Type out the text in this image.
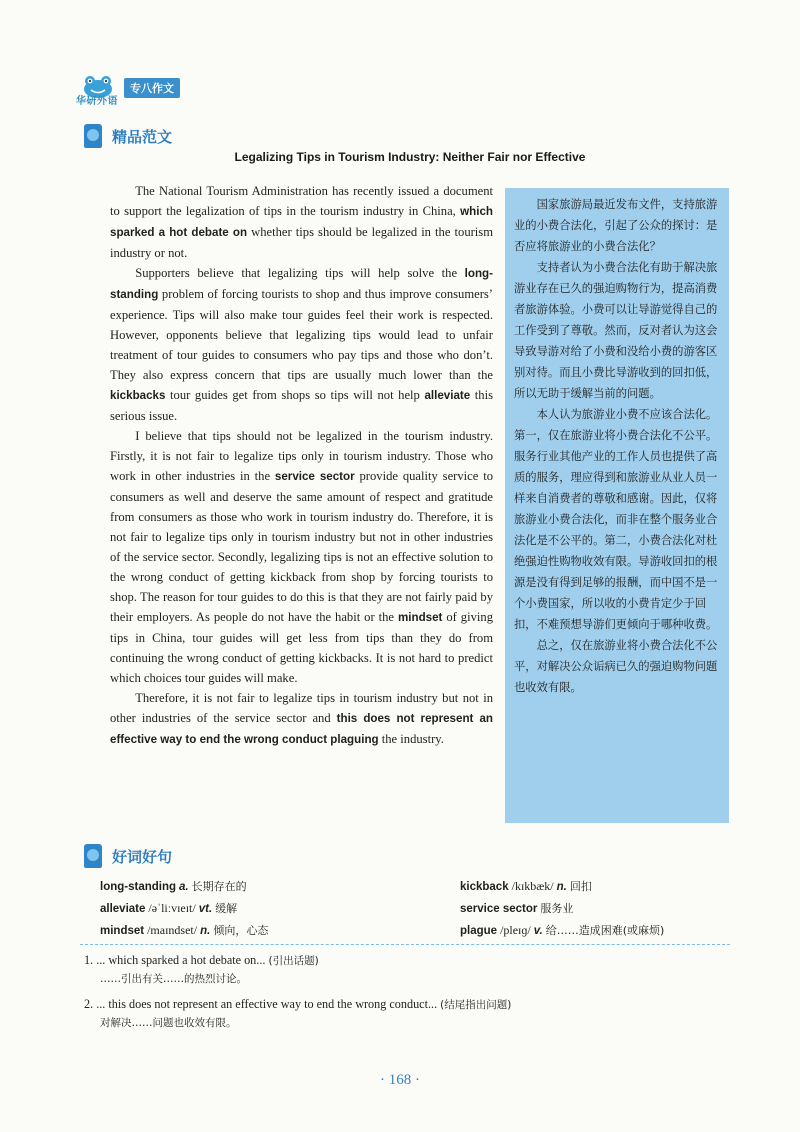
华研外语
专八作文
精品范文
Legalizing Tips in Tourism Industry: Neither Fair nor Effective

The National Tourism Administration has recently issued a document to support the legalization of tips in the tourism industry in China, which sparked a hot debate on whether tips should be legalized in the tourism industry or not.

Supporters believe that legalizing tips will help solve the long-standing problem of forcing tourists to shop and thus improve consumers’ experience. Tips will also make tour guides feel their work is respected. However, opponents believe that legalizing tips would lead to unfair treatment of tour guides to consumers who pay tips and those who don’t. They also express concern that tips are usually much lower than the kickbacks tour guides get from shops so tips will not help alleviate this serious issue.

I believe that tips should not be legalized in the tourism industry. Firstly, it is not fair to legalize tips only in tourism industry. Those who work in other industries in the service sector provide quality service to consumers as well and deserve the same amount of respect and gratitude from consumers as those who work in tourism industry do. Therefore, it is not fair to legalize tips only in tourism industry but not in other industries of the service sector. Secondly, legalizing tips is not an effective solution to the wrong conduct of getting kickback from shop by forcing tourists to shop. The reason for tour guides to do this is that they are not fairly paid by their employers. As people do not have the habit or the mindset of giving tips in China, tour guides will get less from tips than they do from continuing the wrong conduct of getting kickbacks. It is not hard to predict which choices tour guides will make.

Therefore, it is not fair to legalize tips in tourism industry but not in other industries of the service sector and this does not represent an effective way to end the wrong conduct plaguing the industry.

国家旅游局最近发布文件，支持旅游业的小费合法化，引起了公众的探讨：是否应将旅游业的小费合法化？

支持者认为小费合法化有助于解决旅游业存在已久的强迫购物行为，提高消费者旅游体验。小费可以让导游觉得自己的工作受到了尊敬。然而，反对者认为这会导致导游对给了小费和没给小费的游客区别对待。而且小费比导游收到的回扣低，所以无助于缓解当前的问题。

本人认为旅游业小费不应该合法化。第一，仅在旅游业将小费合法化不公平。服务行业其他产业的工作人员也提供了高质的服务，理应得到和旅游业从业人员一样来自消费者的尊敬和感谢。因此，仅将旅游业小费合法化，而非在整个服务业合法化是不公平的。第二，小费合法化对杜绝强迫性购物收效有限。导游收回扣的根源是没有得到足够的报酬，而中国不是一个小费国家，所以收的小费肯定少于回扣，不难预想导游们更倾向于哪种收费。

总之，仅在旅游业将小费合法化不公平，对解决公众诟病已久的强迫购物问题也收效有限。

好词好句
long-standing a. 长期存在的	kickback /kɪkbæk/ n. 回扣
alleviate /əˈliːvɪeɪt/ vt. 缓解	service sector 服务业
mindset /maɪndset/ n. 倾向，心态	plague /pleɪɡ/ v. 给……造成困难(或麻烦)
1. ... which sparked a hot debate on... (引出话题)
……引出有关……的热烈讨论。
2. ... this does not represent an effective way to end the wrong conduct... (结尾指出问题)
对解决……问题也收效有限。
· 168 ·
